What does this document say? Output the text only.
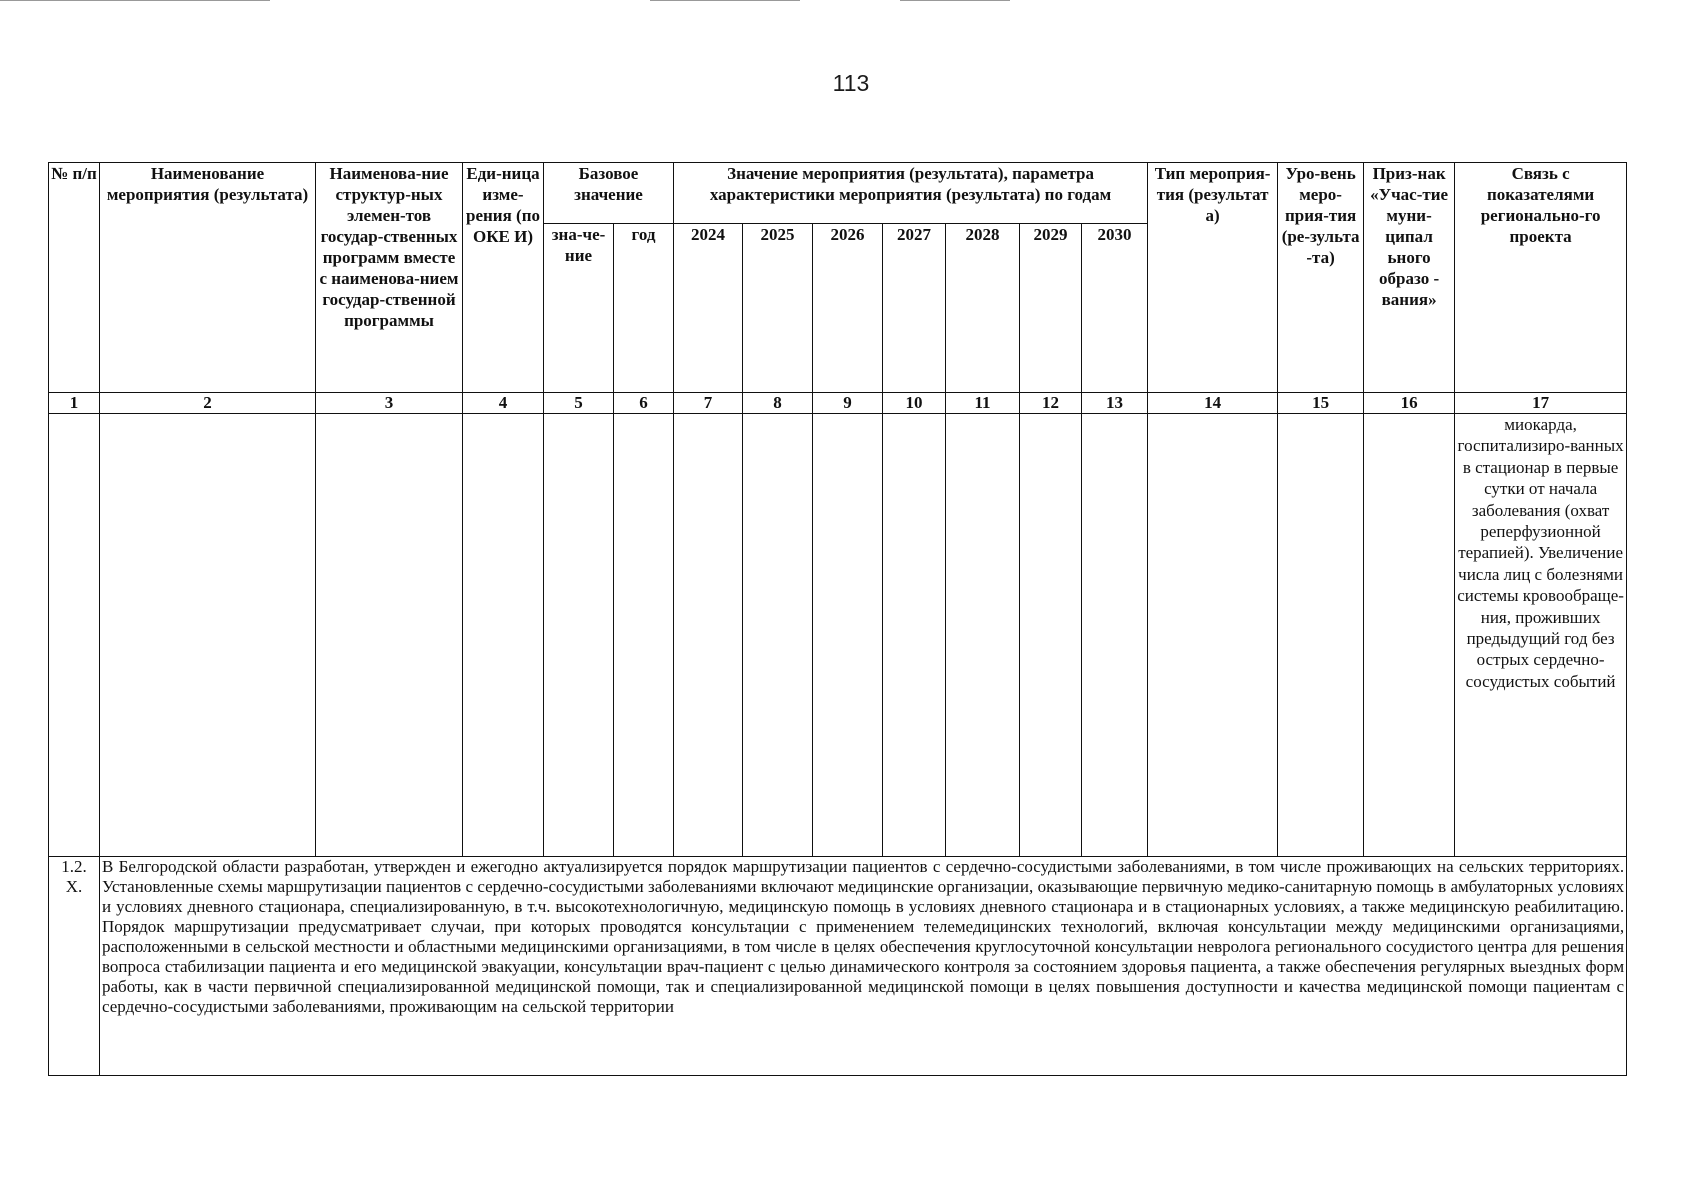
113
№ п/п	Наименование мероприятия (результата)	Наименова-ние структур-ных элемен-тов государ-ственных программ вместе с наименова-нием государ-ственной программы	Еди-ница изме-рения (по ОКЕ И)	Базовое значение		Значение мероприятия (результата), параметра характеристики мероприятия (результата) по годам							Тип мероприя-тия (результат а)	Уро-вень меро-прия-тия (ре-зульта -та)	Приз-нак «Учас-тие муни-ципал ьного образо - вания»	Связь с показателями регионально-го проекта
				зна-че-ние	год	2024	2025	2026	2027	2028	2029	2030				
1	2	3	4	5	6	7	8	9	10	11	12	13	14	15	16	17
																миокарда, госпитализиро-ванных в стационар в первые сутки от начала заболевания (охват реперфузионной терапией). Увеличение числа лиц с болезнями системы кровообраще-ния, проживших предыдущий год без острых сердечно-сосудистых событий
1.2. X.	В Белгородской области разработан, утвержден и ежегодно актуализируется порядок маршрутизации пациентов с сердечно-сосудистыми заболеваниями, в том числе проживающих на сельских территориях. Установленные схемы маршрутизации пациентов с сердечно-сосудистыми заболеваниями включают медицинские организации, оказывающие первичную медико-санитарную помощь в амбулаторных условиях и условиях дневного стационара, специализированную, в т.ч. высокотехнологичную, медицинскую помощь в условиях дневного стационара и в стационарных условиях, а также медицинскую реабилитацию. Порядок маршрутизации предусматривает случаи, при которых проводятся консультации с применением телемедицинских технологий, включая консультации между медицинскими организациями, расположенными в сельской местности и областными медицинскими организациями, в том числе в целях обеспечения круглосуточной консультации невролога регионального сосудистого центра для решения вопроса стабилизации пациента и его медицинской эвакуации, консультации врач-пациент с целью динамического контроля за состоянием здоровья пациента, а также обеспечения регулярных выездных форм работы, как в части первичной специализированной медицинской помощи, так и специализированной медицинской помощи в целях повышения доступности и качества медицинской помощи пациентам с сердечно-сосудистыми заболеваниями, проживающим на сельской территории															
